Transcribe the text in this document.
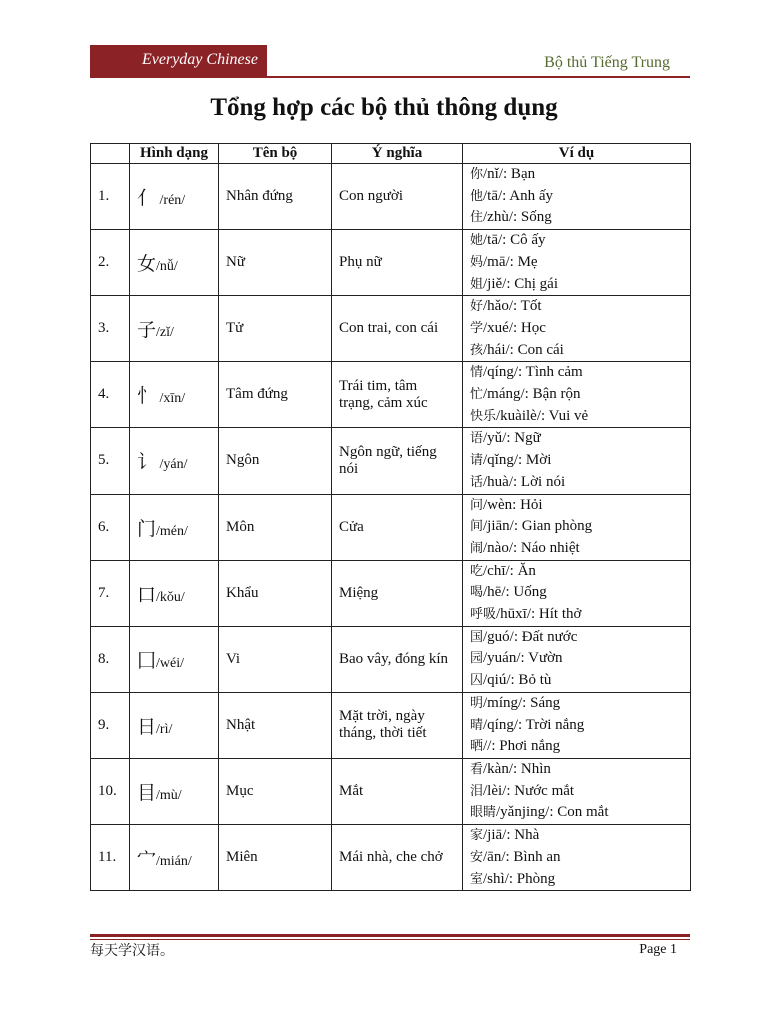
Everyday Chinese	Bộ thủ Tiếng Trung
Tổng hợp các bộ thủ thông dụng
	Hình dạng	Tên bộ	Ý nghĩa	Ví dụ
1.	亻 /rén/	Nhân đứng	Con người	你/nǐ/: Bạn
他/tā/: Anh ấy
住/zhù/: Sống

2.	女/nǚ/	Nữ	Phụ nữ	她/tā/: Cô ấy
妈/mā/: Mẹ
姐/jiě/: Chị gái

3.	子/zǐ/	Tử	Con trai, con cái	好/hǎo/: Tốt
学/xué/: Học
孩/hái/: Con cái

4.	忄 /xīn/	Tâm đứng	Trái tim, tâm trạng, cảm xúc	情/qíng/: Tình cảm
忙/máng/: Bận rộn
快乐/kuàilè/: Vui vẻ

5.	讠 /yán/	Ngôn	Ngôn ngữ, tiếng nói	语/yǔ/: Ngữ
请/qǐng/: Mời
话/huà/: Lời nói

6.	门/mén/	Môn	Cửa	问/wèn: Hỏi
间/jiān/: Gian phòng
闹/nào/: Náo nhiệt

7.	口/kǒu/	Khẩu	Miệng	吃/chī/: Ăn
喝/hē/: Uống
呼吸/hūxī/: Hít thở

8.	囗/wéi/	Vi	Bao vây, đóng kín	国/guó/: Đất nước
园/yuán/: Vườn
囚/qiú/: Bỏ tù

9.	日/rì/	Nhật	Mặt trời, ngày tháng, thời tiết	明/míng/: Sáng
晴/qíng/: Trời nắng
晒//: Phơi nắng

10.	目/mù/	Mục	Mắt	看/kàn/: Nhìn
泪/lèi/: Nước mắt
眼睛/yǎnjing/: Con mắt

11.	宀/mián/	Miên	Mái nhà, che chở	家/jiā/: Nhà
安/ān/: Bình an
室/shì/: Phòng
每天学汉语。	Page 1
